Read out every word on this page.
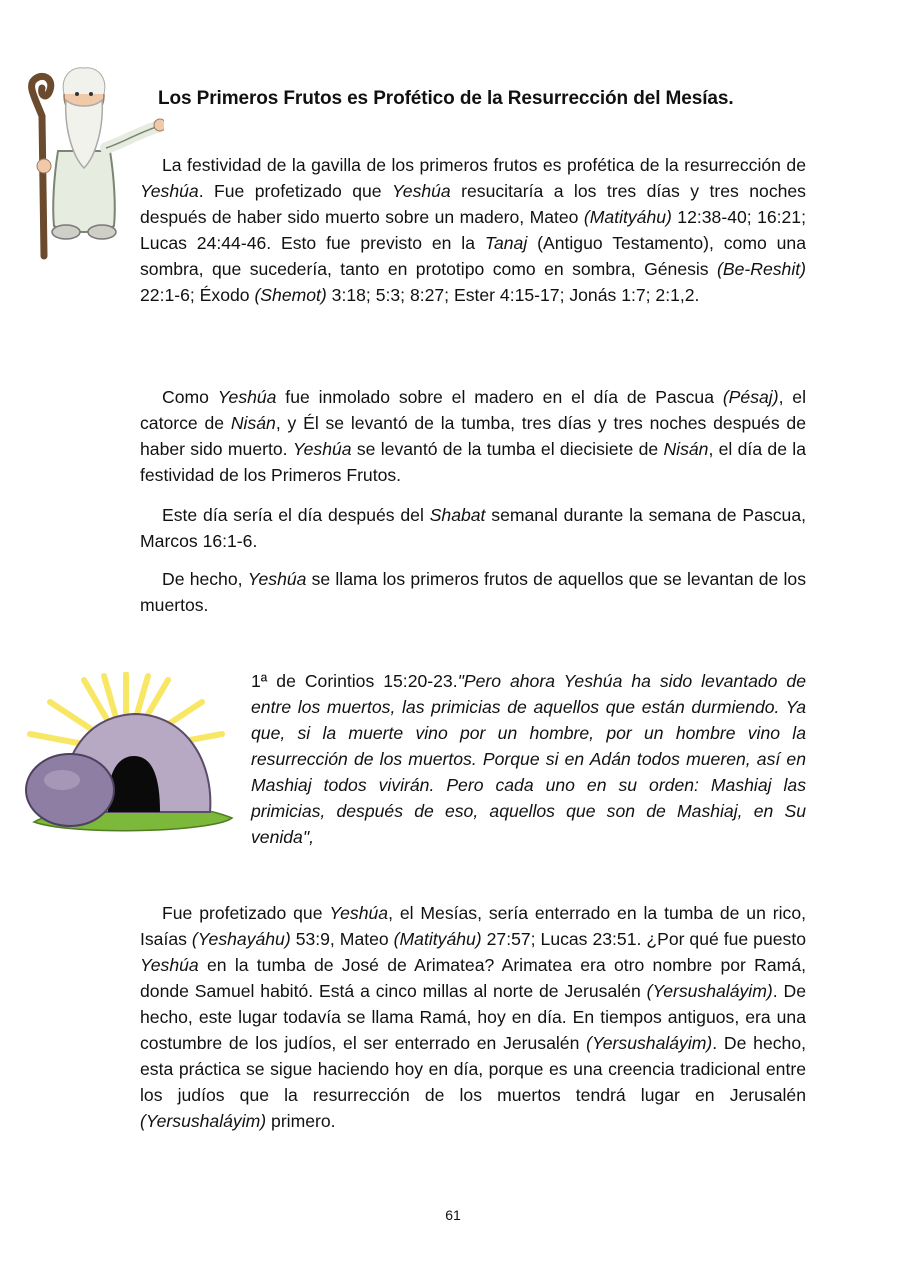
Los Primeros Frutos es Profético de la Resurrección del Mesías.
La festividad de la gavilla de los primeros frutos es profética de la resurrección de Yeshúa. Fue profetizado que Yeshúa resucitaría a los tres días y tres noches después de haber sido muerto sobre un madero, Mateo (Matityáhu) 12:38-40; 16:21; Lucas 24:44-46. Esto fue previsto en la Tanaj (Antiguo Testamento), como una sombra, que sucedería, tanto en prototipo como en sombra, Génesis (Be-Reshit) 22:1-6; Éxodo (Shemot) 3:18; 5:3; 8:27; Ester 4:15-17; Jonás 1:7; 2:1,2.
Como Yeshúa fue inmolado sobre el madero en el día de Pascua (Pésaj), el catorce de Nisán, y Él se levantó de la tumba, tres días y tres noches después de haber sido muerto. Yeshúa se levantó de la tumba el diecisiete de Nisán, el día de la festividad de los Primeros Frutos.
Este día sería el día después del Shabat semanal durante la semana de Pascua, Marcos 16:1-6.
De hecho, Yeshúa se llama los primeros frutos de aquellos que se levantan de los muertos.
1ª de Corintios 15:20-23."Pero ahora Yeshúa ha sido levantado de entre los muertos, las primicias de aquellos que están durmiendo. Ya que, si la muerte vino por un hombre, por un hombre vino la resurrección de los muertos. Porque si en Adán todos mueren, así en Mashiaj todos vivirán. Pero cada uno en su orden: Mashiaj las primicias, después de eso, aquellos que son de Mashiaj, en Su venida",
Fue profetizado que Yeshúa, el Mesías, sería enterrado en la tumba de un rico, Isaías (Yeshayáhu) 53:9, Mateo (Matityáhu) 27:57; Lucas 23:51. ¿Por qué fue puesto Yeshúa en la tumba de José de Arimatea? Arimatea era otro nombre por Ramá, donde Samuel habitó. Está a cinco millas al norte de Jerusalén (Yersushaláyim). De hecho, este lugar todavía se llama Ramá, hoy en día. En tiempos antiguos, era una costumbre de los judíos, el ser enterrado en Jerusalén (Yersushaláyim). De hecho, esta práctica se sigue haciendo hoy en día, porque es una creencia tradicional entre los judíos que la resurrección de los muertos tendrá lugar en Jerusalén (Yersushaláyim) primero.
61
